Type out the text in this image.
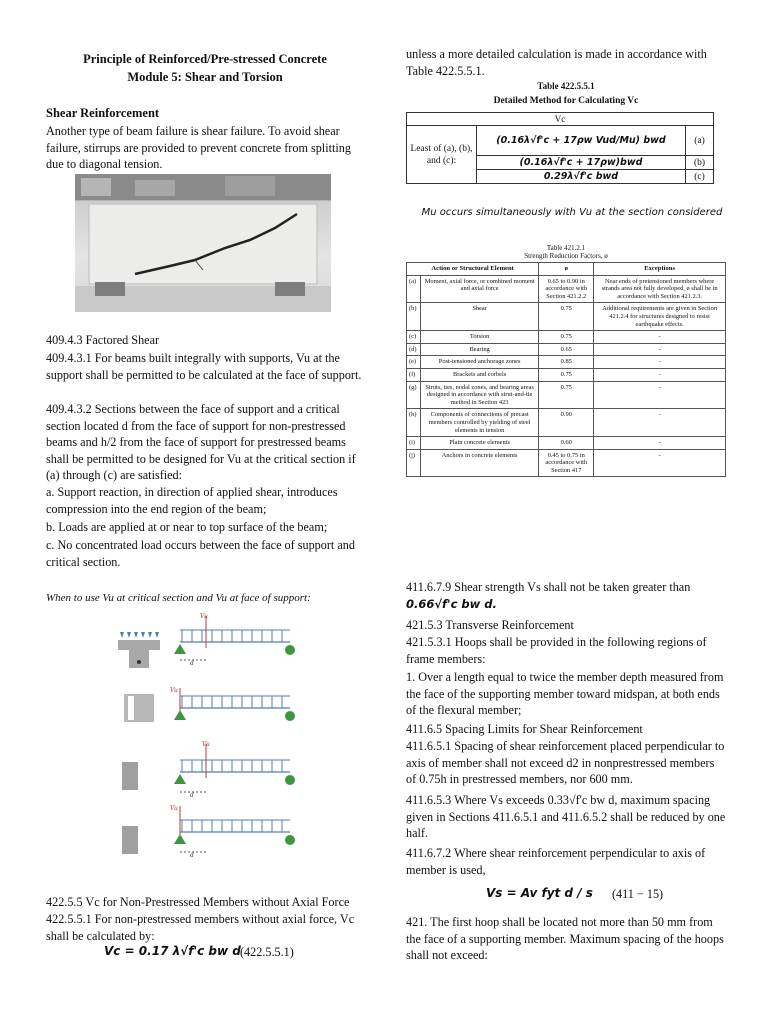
Principle of Reinforced/Pre-stressed Concrete
Module 5: Shear and Torsion
Shear Reinforcement
Another type of beam failure is shear failure. To avoid shear failure, stirrups are provided to prevent concrete from splitting due to diagonal tension.
409.4.3 Factored Shear
409.4.3.1 For beams built integrally with supports, Vu at the support shall be permitted to be calculated at the face of support.
409.4.3.2 Sections between the face of support and a critical section located d from the face of support for non-prestressed beams and h/2 from the face of support for prestressed beams shall be permitted to be designed for Vu at the critical section if (a) through (c) are satisfied:
a. Support reaction, in direction of applied shear, introduces compression into the end region of the beam;
b. Loads are applied at or near to top surface of the beam;
c. No concentrated load occurs between the face of support and critical section.
When to use Vu at critical section and Vu at face of support:
Vu
d
Vu
Vu
d
Vu
d
422.5.5 Vc for Non-Prestressed Members without Axial Force
422.5.5.1 For non-prestressed members without axial force, Vc shall be calculated by:
Vc = 0.17 λ√f'c bw d (422.5.5.1)
unless a more detailed calculation is made in accordance with Table 422.5.5.1.
Table 422.5.5.1
Detailed Method for Calculating Vc
Vc		
Least of (a), (b), and (c):	(0.16λ√f'c + 17ρw Vud/Mu) bwd	(a)
	(0.16λ√f'c + 17ρw)bwd	(b)
	0.29λ√f'c bwd	(c)
Mu occurs simultaneously with Vu at the section considered
Table 421.2.1
Strength Reduction Factors, ø
Action or Structural Element		ø	Exceptions
(a)	Moment, axial force, or combined moment and axial force	0.65 to 0.90 in accordance with Section 421.2.2	Near ends of pretensioned members where strands area not fully developed, ø shall be in accordance with Section 421.2.3.
(b)	Shear	0.75	Additional requirements are given in Section 421.2.4 for structures designed to resist earthquake effects.
(c)	Torsion	0.75	-
(d)	Bearing	0.65	-
(e)	Post-tensioned anchorage zones	0.85	-
(f)	Brackets and corbels	0.75	-
(g)	Struts, ties, nodal zones, and bearing areas designed in accordance with strut-and-tie method in Section 423	0.75	-
(h)	Components of connections of precast members controlled by yielding of steel elements in tension	0.90	-
(i)	Plain concrete elements	0.60	-
(j)	Anchors in concrete elements	0.45 to 0.75 in accordance with Section 417	-
411.6.7.9 Shear strength Vs shall not be taken greater than
0.66√f'c bw d.
421.5.3 Transverse Reinforcement
421.5.3.1 Hoops shall be provided in the following regions of frame members:
1. Over a length equal to twice the member depth measured from the face of the supporting member toward midspan, at both ends of the flexural member;
411.6.5 Spacing Limits for Shear Reinforcement
411.6.5.1 Spacing of shear reinforcement placed perpendicular to axis of member shall not exceed d2 in nonprestressed members of 0.75h in prestressed members, nor 600 mm.
411.6.5.3 Where Vs exceeds 0.33√f'c bw d, maximum spacing given in Sections 411.6.5.1 and 411.6.5.2 shall be reduced by one half.
411.6.7.2 Where shear reinforcement perpendicular to axis of member is used,
Vs = Av fyt d / s (411 − 15)
421. The first hoop shall be located not more than 50 mm from the face of a supporting member. Maximum spacing of the hoops shall not exceed:
